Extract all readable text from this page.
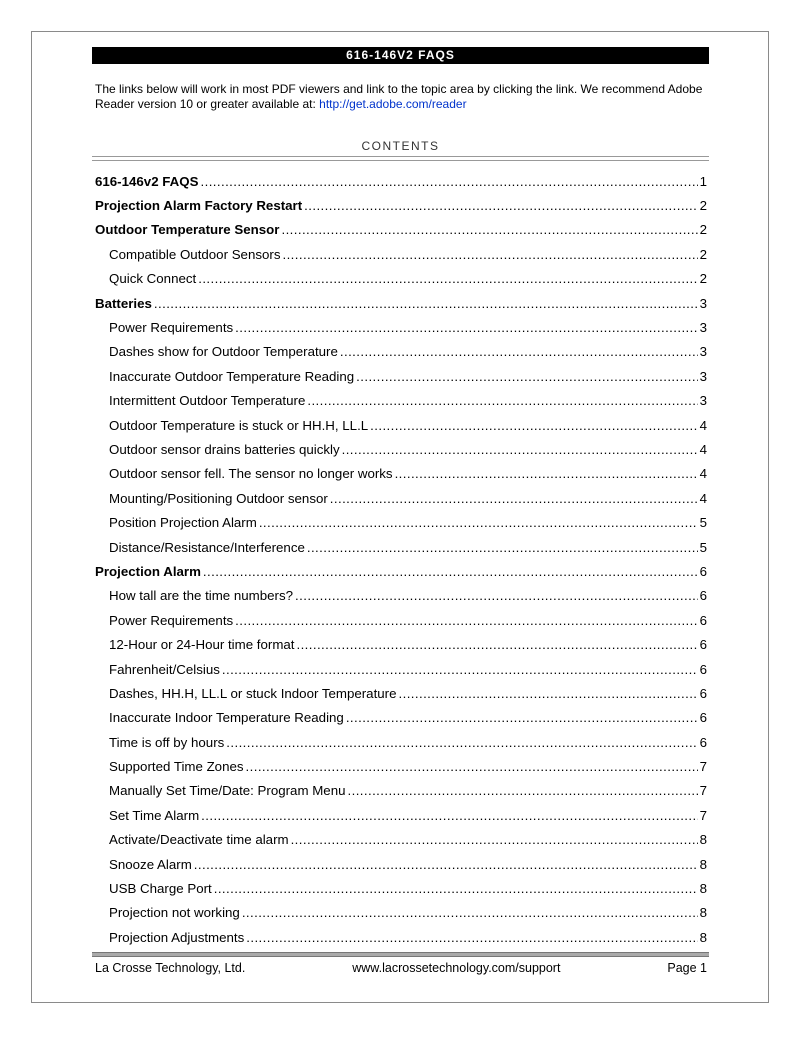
616-146V2 FAQS
The links below will work in most PDF viewers and link to the topic area by clicking the link. We recommend Adobe Reader version 10 or greater available at: http://get.adobe.com/reader
CONTENTS
616-146v2 FAQS .....	1
Projection Alarm Factory Restart .....	2
Outdoor Temperature Sensor .....	2
Compatible Outdoor Sensors .....	2
Quick Connect .....	2
Batteries .....	3
Power Requirements .....	3
Dashes show for Outdoor Temperature .....	3
Inaccurate Outdoor Temperature Reading .....	3
Intermittent Outdoor Temperature .....	3
Outdoor Temperature is stuck or HH.H, LL.L .....	4
Outdoor sensor drains batteries quickly .....	4
Outdoor sensor fell. The sensor no longer works .....	4
Mounting/Positioning Outdoor sensor .....	4
Position Projection Alarm .....	5
Distance/Resistance/Interference .....	5
Projection Alarm .....	6
How tall are the time numbers? .....	6
Power Requirements .....	6
12-Hour or 24-Hour time format .....	6
Fahrenheit/Celsius .....	6
Dashes, HH.H, LL.L or stuck Indoor Temperature .....	6
Inaccurate Indoor Temperature Reading .....	6
Time is off by hours .....	6
Supported Time Zones .....	7
Manually Set Time/Date: Program Menu .....	7
Set Time Alarm .....	7
Activate/Deactivate time alarm .....	8
Snooze Alarm .....	8
USB Charge Port .....	8
Projection not working .....	8
Projection Adjustments .....	8
La Crosse Technology, Ltd.	www.lacrossetechnology.com/support	Page 1
